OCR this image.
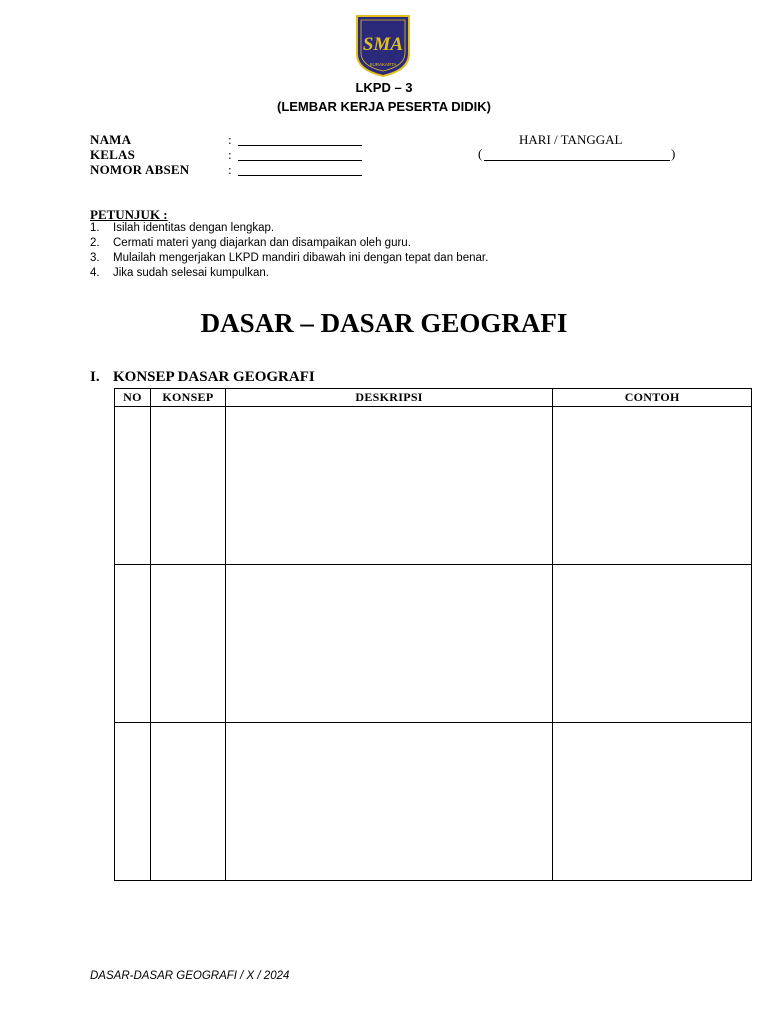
SMA
SURAKARTA
LKPD – 3
(LEMBAR KERJA PESERTA DIDIK)
NAMA	:
KELAS	:
NOMOR ABSEN	:
HARI / TANGGAL
(	)
PETUNJUK :
1.	Isilah identitas dengan lengkap.
2.	Cermati materi yang diajarkan dan disampaikan oleh guru.
3.	Mulailah mengerjakan LKPD mandiri dibawah ini dengan tepat dan benar.
4.	Jika sudah selesai kumpulkan.
DASAR – DASAR GEOGRAFI
I. KONSEP DASAR GEOGRAFI
NO	KONSEP	DESKRIPSI	CONTOH

DASAR-DASAR GEOGRAFI / X / 2024
